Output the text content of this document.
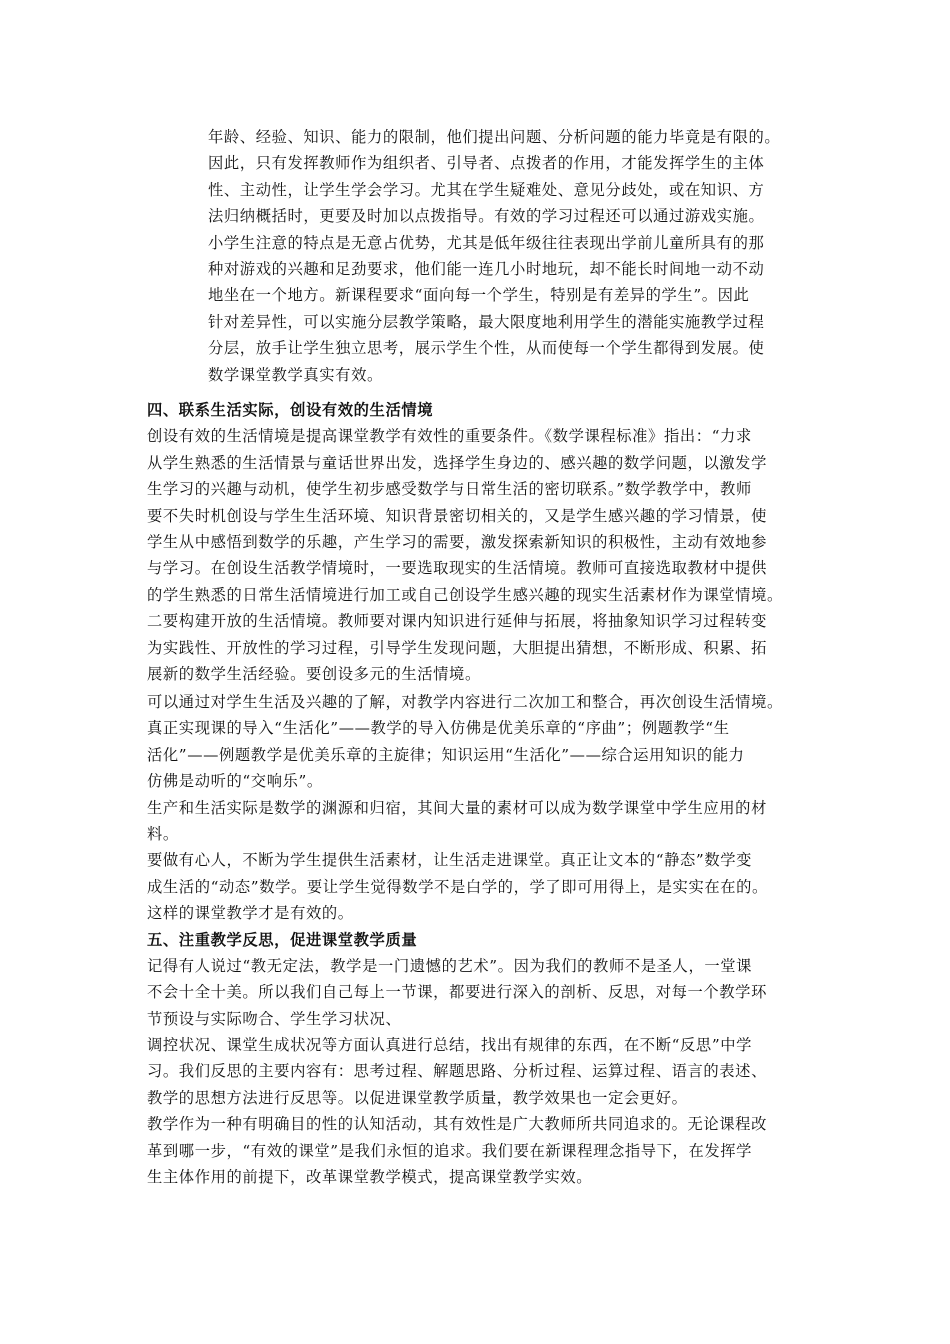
年龄、经验、知识、能力的限制，他们提出问题、分析问题的能力毕竟是有限的。
因此，只有发挥教师作为组织者、引导者、点拨者的作用，才能发挥学生的主体
性、主动性，让学生学会学习。尤其在学生疑难处、意见分歧处，或在知识、方
法归纳概括时，更要及时加以点拨指导。有效的学习过程还可以通过游戏实施。
小学生注意的特点是无意占优势，尤其是低年级往往表现出学前儿童所具有的那
种对游戏的兴趣和足劲要求，他们能一连几小时地玩，却不能长时间地一动不动
地坐在一个地方。新课程要求“面向每一个学生，特别是有差异的学生”。因此
针对差异性，可以实施分层教学策略，最大限度地利用学生的潜能实施教学过程
分层，放手让学生独立思考，展示学生个性，从而使每一个学生都得到发展。使
数学课堂教学真实有效。
四、联系生活实际，创设有效的生活情境
创设有效的生活情境是提高课堂教学有效性的重要条件。《数学课程标准》指出：“力求
从学生熟悉的生活情景与童话世界出发，选择学生身边的、感兴趣的数学问题，以激发学
生学习的兴趣与动机，使学生初步感受数学与日常生活的密切联系。”数学教学中，教师
要不失时机创设与学生生活环境、知识背景密切相关的，又是学生感兴趣的学习情景，使
学生从中感悟到数学的乐趣，产生学习的需要，激发探索新知识的积极性，主动有效地参
与学习。在创设生活教学情境时，一要选取现实的生活情境。教师可直接选取教材中提供
的学生熟悉的日常生活情境进行加工或自己创设学生感兴趣的现实生活素材作为课堂情境。
二要构建开放的生活情境。教师要对课内知识进行延伸与拓展，将抽象知识学习过程转变
为实践性、开放性的学习过程，引导学生发现问题，大胆提出猜想，不断形成、积累、拓
展新的数学生活经验。要创设多元的生活情境。
可以通过对学生生活及兴趣的了解，对教学内容进行二次加工和整合，再次创设生活情境。
真正实现课的导入“生活化”——教学的导入仿佛是优美乐章的“序曲”；例题教学“生
活化”——例题教学是优美乐章的主旋律；知识运用“生活化”——综合运用知识的能力
仿佛是动听的“交响乐”。
生产和生活实际是数学的渊源和归宿，其间大量的素材可以成为数学课堂中学生应用的材
料。
要做有心人，不断为学生提供生活素材，让生活走进课堂。真正让文本的“静态”数学变
成生活的“动态”数学。要让学生觉得数学不是白学的，学了即可用得上，是实实在在的。
这样的课堂教学才是有效的。
五、注重教学反思，促进课堂教学质量
记得有人说过“教无定法，教学是一门遗憾的艺术”。因为我们的教师不是圣人，一堂课
不会十全十美。所以我们自己每上一节课，都要进行深入的剖析、反思，对每一个教学环
节预设与实际吻合、学生学习状况、
调控状况、课堂生成状况等方面认真进行总结，找出有规律的东西，在不断“反思”中学
习。我们反思的主要内容有：思考过程、解题思路、分析过程、运算过程、语言的表述、
教学的思想方法进行反思等。以促进课堂教学质量，教学效果也一定会更好。
教学作为一种有明确目的性的认知活动，其有效性是广大教师所共同追求的。无论课程改
革到哪一步，“有效的课堂”是我们永恒的追求。我们要在新课程理念指导下，在发挥学
生主体作用的前提下，改革课堂教学模式，提高课堂教学实效。
